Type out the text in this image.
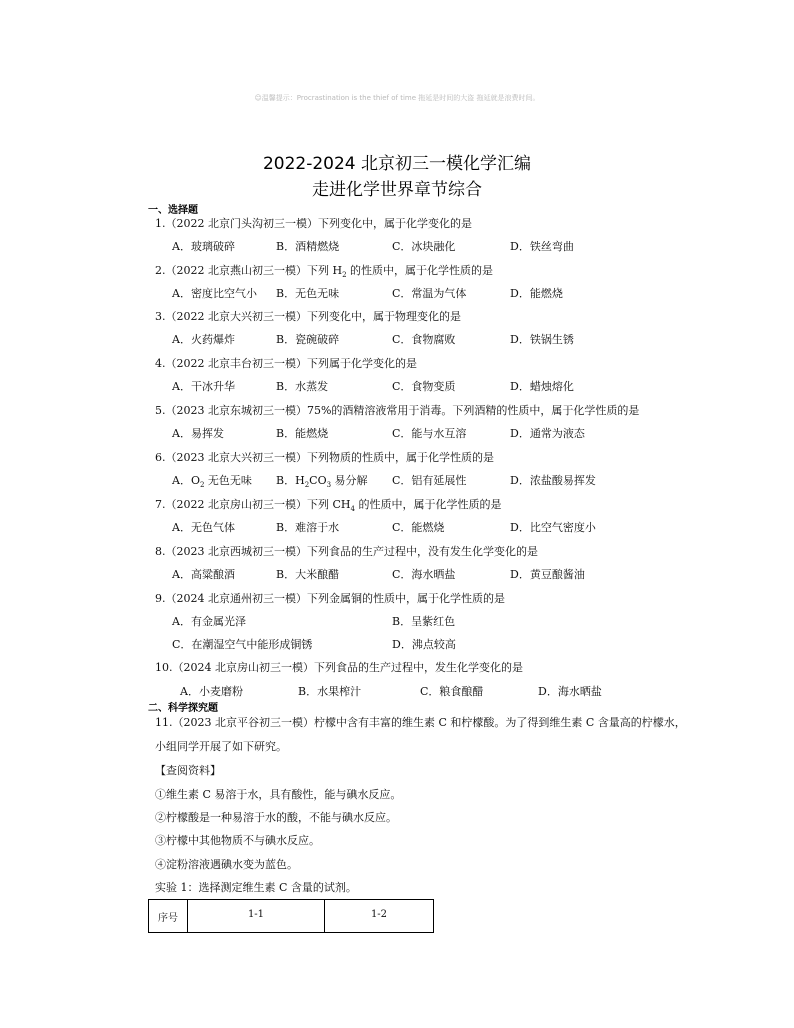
☺温馨提示：Procrastination is the thief of time 拖延是时间的大盗 拖延就是浪费时间。
2022-2024 北京初三一模化学汇编
走进化学世界章节综合
一、选择题
1.（2022 北京门头沟初三一模）下列变化中，属于化学变化的是
A．玻璃破碎	B．酒精燃烧	C．冰块融化	D．铁丝弯曲
2.（2022 北京燕山初三一模）下列 $H_2$ 的性质中，属于化学性质的是
A．密度比空气小 B．无色无味	C．常温为气体	D．能燃烧
3.（2022 北京大兴初三一模）下列变化中，属于物理变化的是
A．火药爆炸	B．瓷碗破碎	C．食物腐败	D．铁锅生锈
4.（2022 北京丰台初三一模）下列属于化学变化的是
A．干冰升华	B．水蒸发	C．食物变质	D．蜡烛熔化
5.（2023 北京东城初三一模）75%的酒精溶液常用于消毒。下列酒精的性质中，属于化学性质的是
A．易挥发	B．能燃烧	C．能与水互溶	D．通常为液态
6.（2023 北京大兴初三一模）下列物质的性质中，属于化学性质的是
A．$O_2$ 无色无味 B．$H_2CO_3$ 易分解 C．铝有延展性	D．浓盐酸易挥发
7.（2022 北京房山初三一模）下列 $CH_4$ 的性质中，属于化学性质的是
A．无色气体	B．难溶于水	C．能燃烧	D．比空气密度小
8.（2023 北京西城初三一模）下列食品的生产过程中，没有发生化学变化的是
A．高粱酿酒	B．大米酿醋	C．海水晒盐	D．黄豆酿酱油
9.（2024 北京通州初三一模）下列金属铜的性质中，属于化学性质的是
A．有金属光泽	B．呈紫红色
C．在潮湿空气中能形成铜锈	D．沸点较高
10.（2024 北京房山初三一模）下列食品的生产过程中，发生化学变化的是
A．小麦磨粉	B．水果榨汁	C．粮食酿醋	D．海水晒盐
二、科学探究题
11.（2023 北京平谷初三一模）柠檬中含有丰富的维生素 C 和柠檬酸。为了得到维生素 C 含量高的柠檬水，
小组同学开展了如下研究。
【查阅资料】
①维生素 C 易溶于水，具有酸性，能与碘水反应。
②柠檬酸是一种易溶于水的酸，不能与碘水反应。
③柠檬中其他物质不与碘水反应。
④淀粉溶液遇碘水变为蓝色。
实验 1：选择测定维生素 C 含量的试剂。
序号	1-1	1-2
